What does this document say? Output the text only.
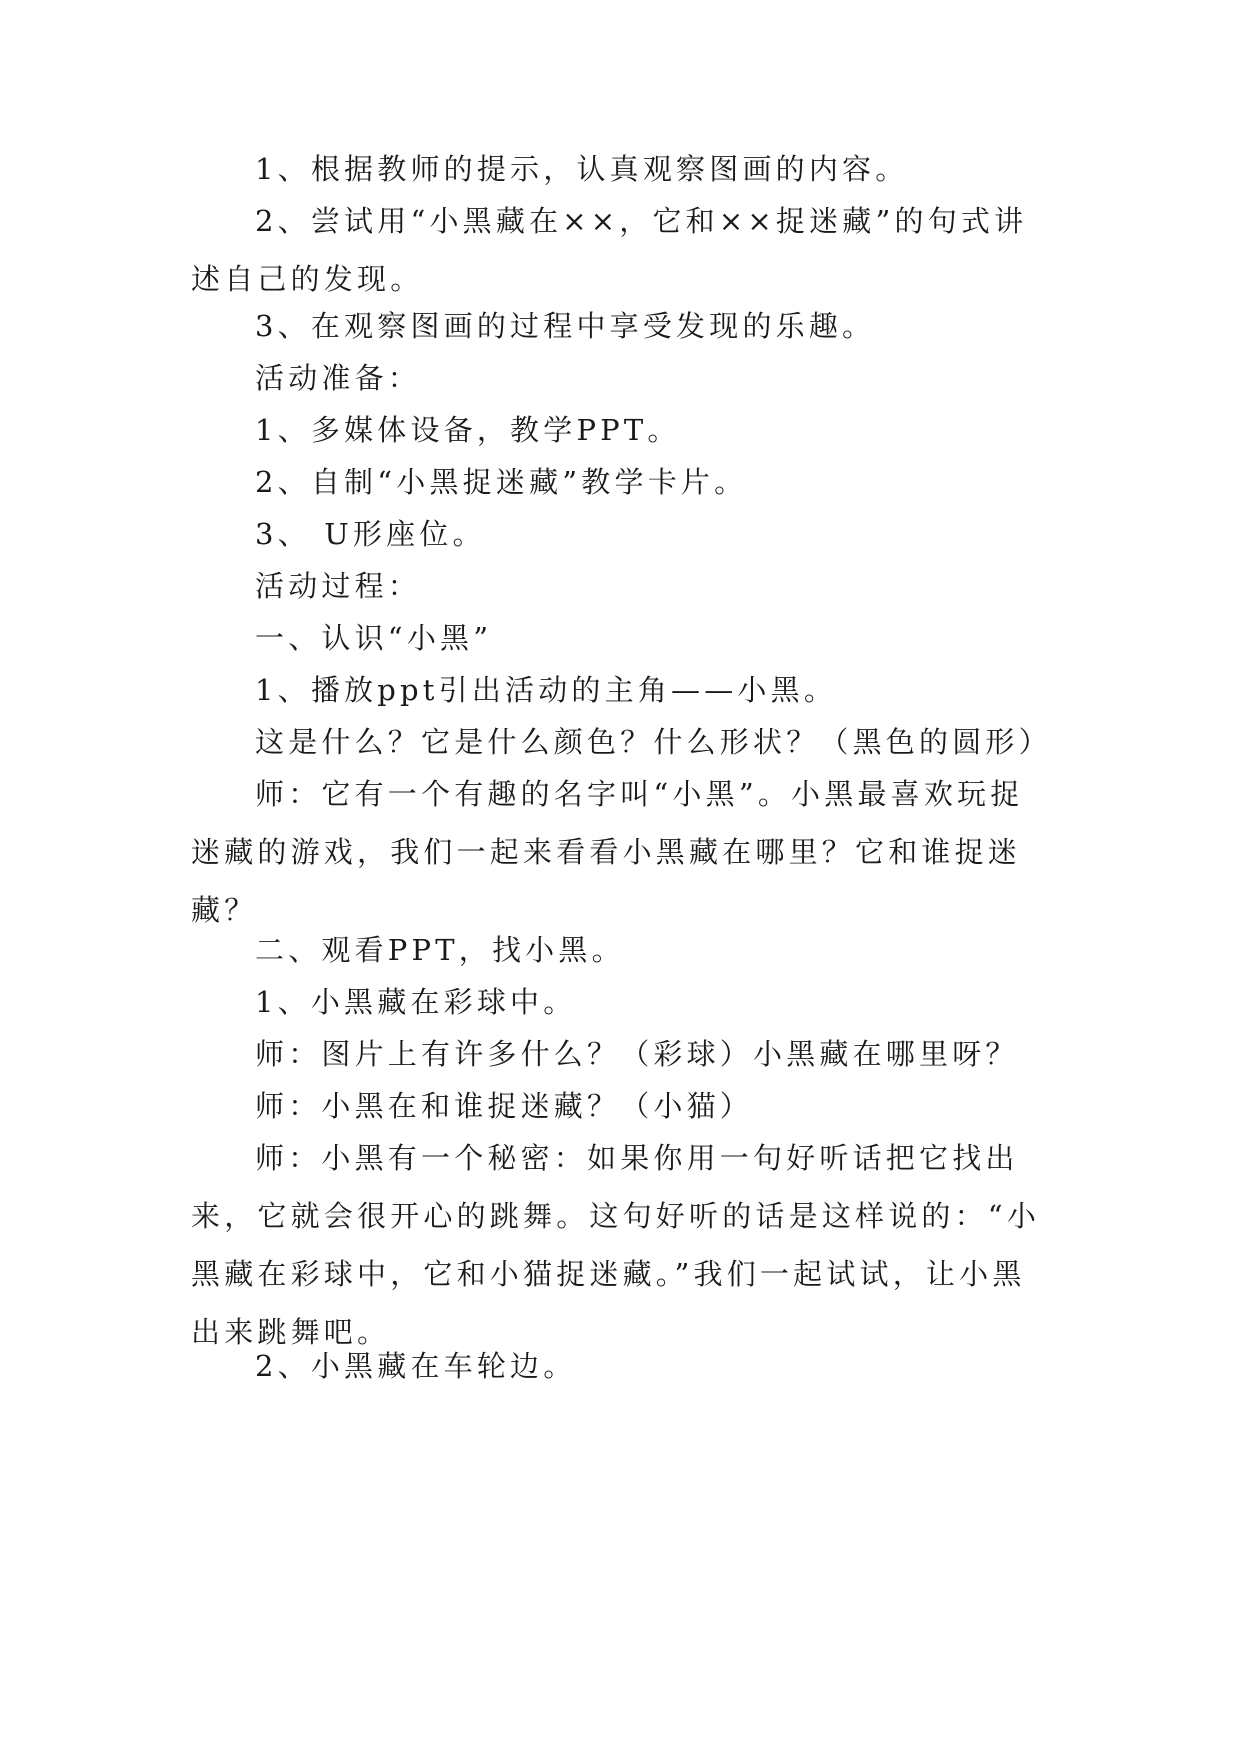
1、根据教师的提示，认真观察图画的内容。

2、尝试用“小黑藏在××，它和××捉迷藏”的句式讲述自己的发现。

3、在观察图画的过程中享受发现的乐趣。

活动准备：

1、多媒体设备，教学PPT。

2、自制“小黑捉迷藏”教学卡片。

3、 U形座位。

活动过程：

一、认识“小黑”

1、播放ppt引出活动的主角——小黑。

这是什么？它是什么颜色？什么形状？（黑色的圆形）

师：它有一个有趣的名字叫“小黑”。小黑最喜欢玩捉迷藏的游戏，我们一起来看看小黑藏在哪里？它和谁捉迷藏？

二、观看PPT，找小黑。

1、小黑藏在彩球中。

师：图片上有许多什么？（彩球）小黑藏在哪里呀？

师：小黑在和谁捉迷藏？（小猫）

师：小黑有一个秘密：如果你用一句好听话把它找出来，它就会很开心的跳舞。这句好听的话是这样说的：“小黑藏在彩球中，它和小猫捉迷藏。”我们一起试试，让小黑出来跳舞吧。

2、小黑藏在车轮边。
